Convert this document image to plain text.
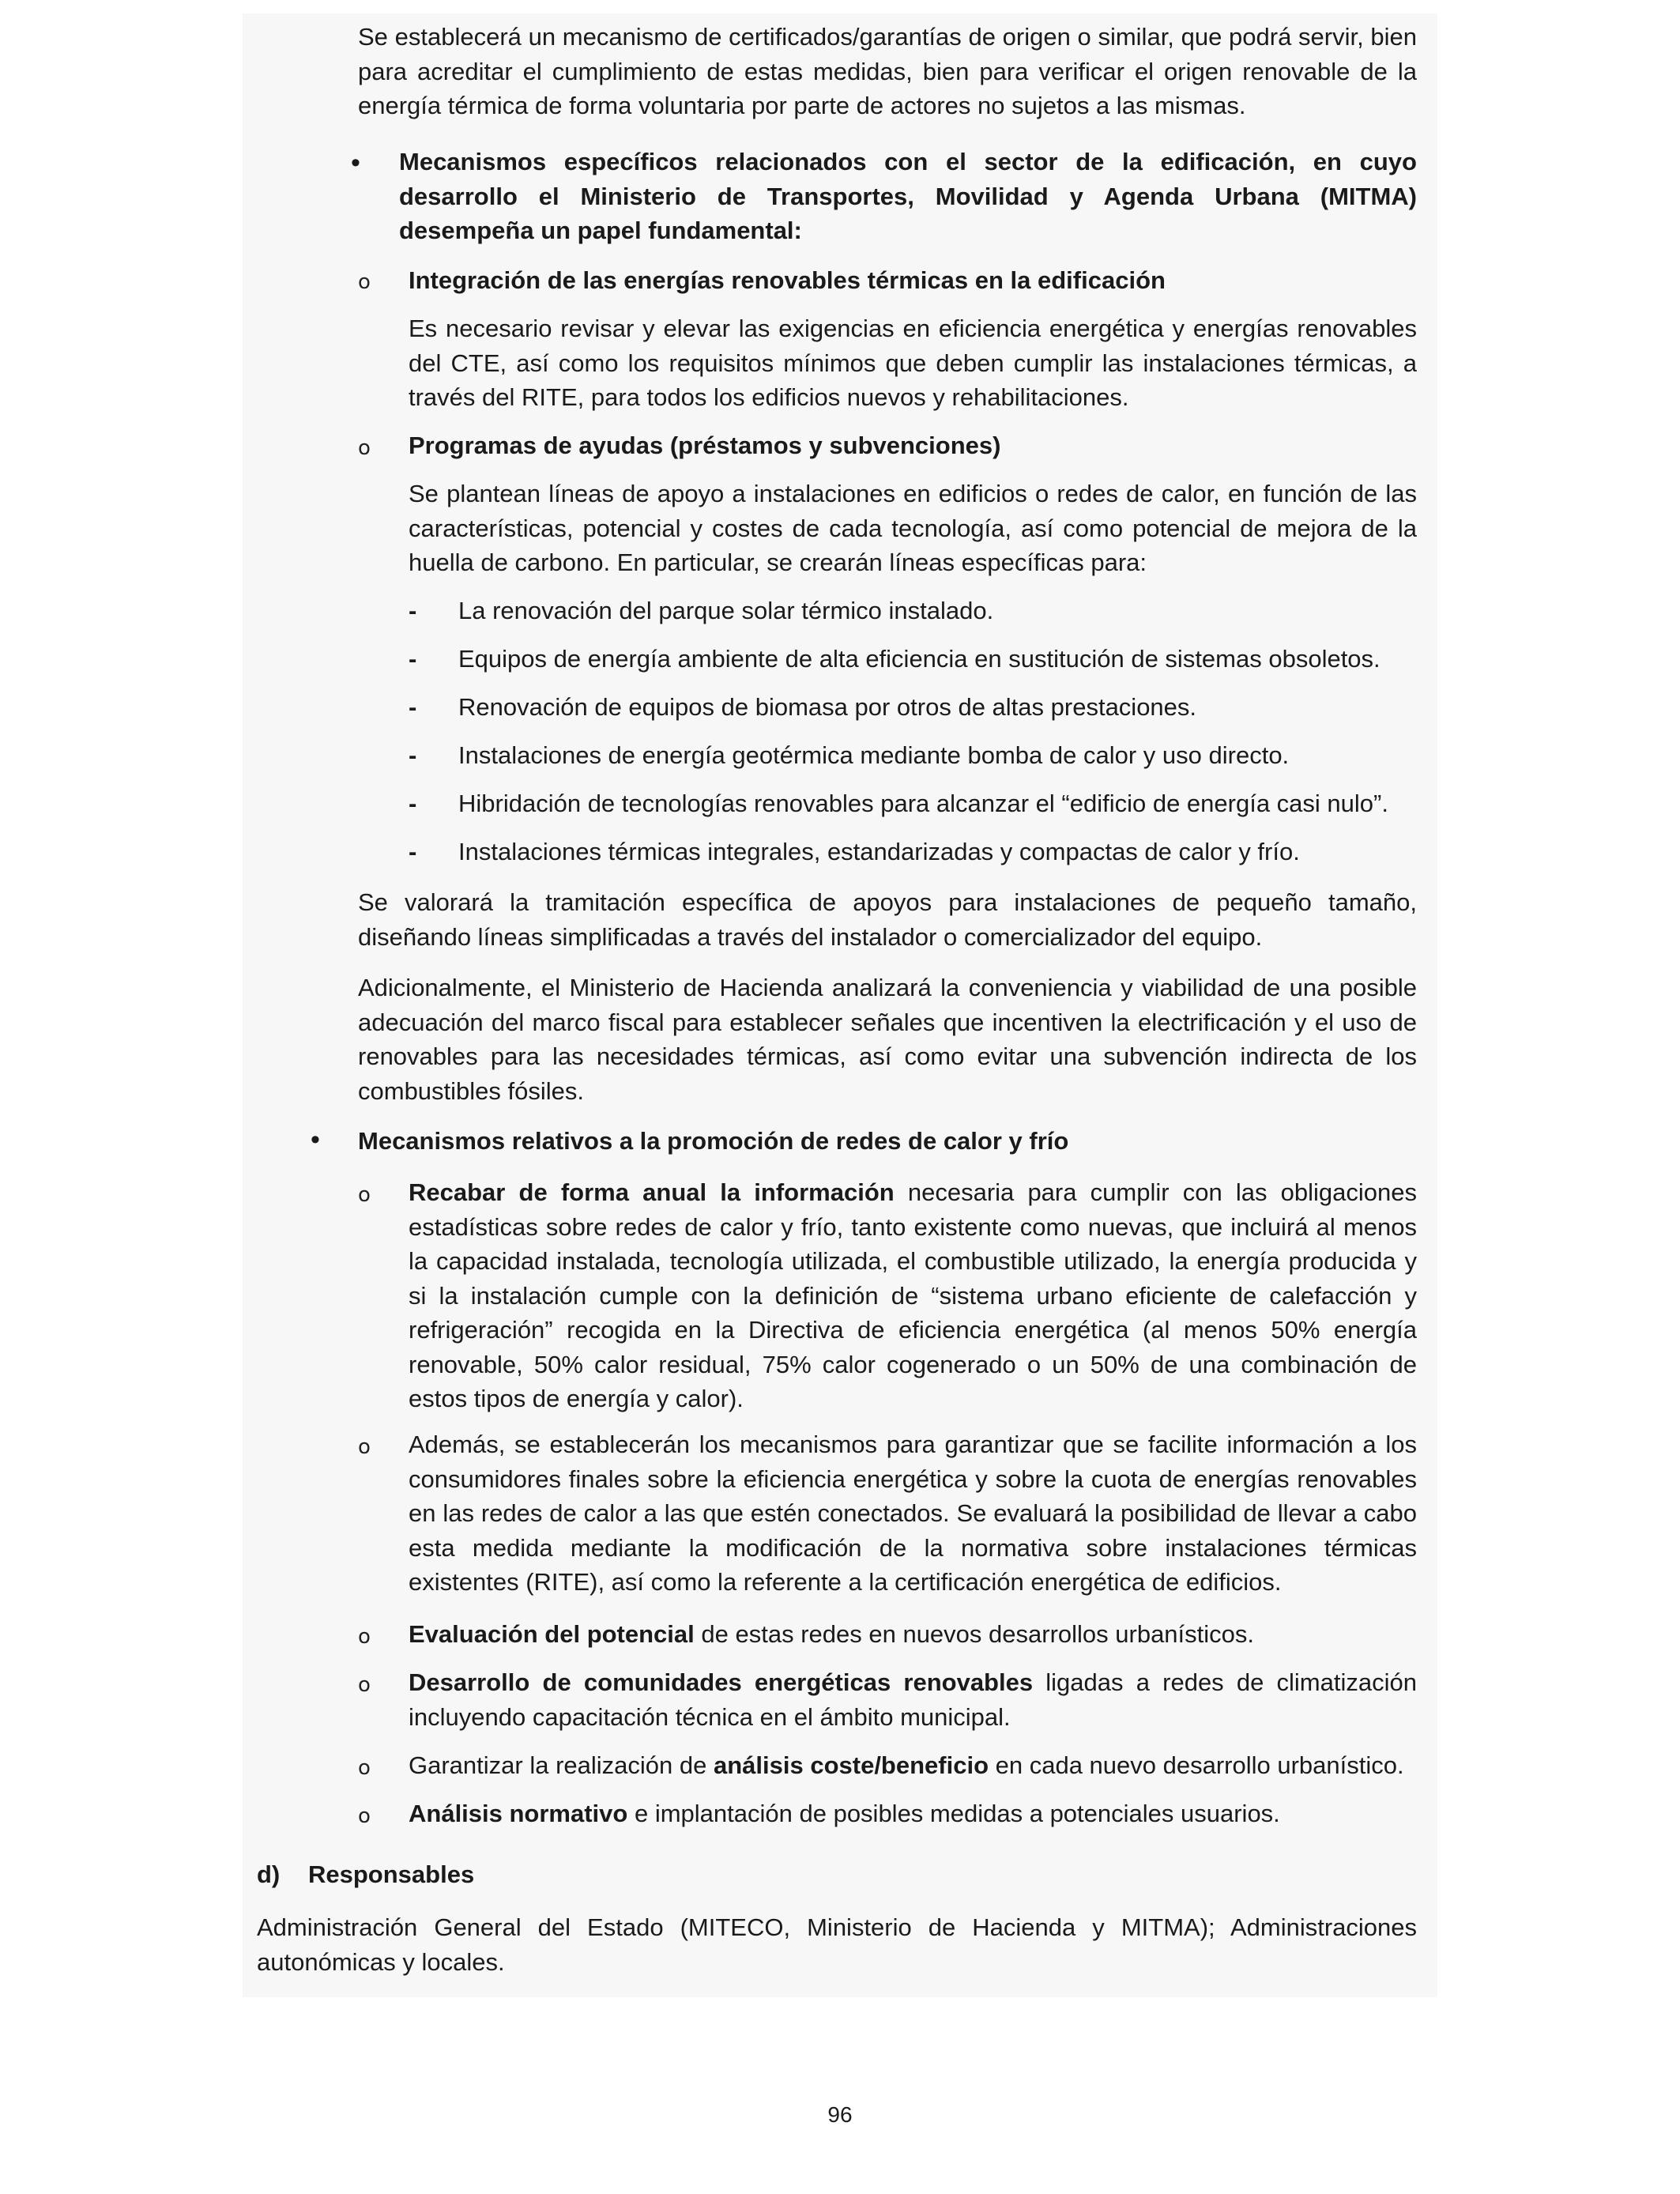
Se establecerá un mecanismo de certificados/garantías de origen o similar, que podrá servir, bien para acreditar el cumplimiento de estas medidas, bien para verificar el origen renovable de la energía térmica de forma voluntaria por parte de actores no sujetos a las mismas.
• Mecanismos específicos relacionados con el sector de la edificación, en cuyo desarrollo el Ministerio de Transportes, Movilidad y Agenda Urbana (MITMA) desempeña un papel fundamental:
o Integración de las energías renovables térmicas en la edificación
Es necesario revisar y elevar las exigencias en eficiencia energética y energías renovables del CTE, así como los requisitos mínimos que deben cumplir las instalaciones térmicas, a través del RITE, para todos los edificios nuevos y rehabilitaciones.
o Programas de ayudas (préstamos y subvenciones)
Se plantean líneas de apoyo a instalaciones en edificios o redes de calor, en función de las características, potencial y costes de cada tecnología, así como potencial de mejora de la huella de carbono. En particular, se crearán líneas específicas para:
- La renovación del parque solar térmico instalado.
- Equipos de energía ambiente de alta eficiencia en sustitución de sistemas obsoletos.
- Renovación de equipos de biomasa por otros de altas prestaciones.
- Instalaciones de energía geotérmica mediante bomba de calor y uso directo.
- Hibridación de tecnologías renovables para alcanzar el “edificio de energía casi nulo”.
- Instalaciones térmicas integrales, estandarizadas y compactas de calor y frío.
Se valorará la tramitación específica de apoyos para instalaciones de pequeño tamaño, diseñando líneas simplificadas a través del instalador o comercializador del equipo.
Adicionalmente, el Ministerio de Hacienda analizará la conveniencia y viabilidad de una posible adecuación del marco fiscal para establecer señales que incentiven la electrificación y el uso de renovables para las necesidades térmicas, así como evitar una subvención indirecta de los combustibles fósiles.
• Mecanismos relativos a la promoción de redes de calor y frío
o Recabar de forma anual la información necesaria para cumplir con las obligaciones estadísticas sobre redes de calor y frío, tanto existente como nuevas, que incluirá al menos la capacidad instalada, tecnología utilizada, el combustible utilizado, la energía producida y si la instalación cumple con la definición de “sistema urbano eficiente de calefacción y refrigeración” recogida en la Directiva de eficiencia energética (al menos 50% energía renovable, 50% calor residual, 75% calor cogenerado o un 50% de una combinación de estos tipos de energía y calor).
o Además, se establecerán los mecanismos para garantizar que se facilite información a los consumidores finales sobre la eficiencia energética y sobre la cuota de energías renovables en las redes de calor a las que estén conectados. Se evaluará la posibilidad de llevar a cabo esta medida mediante la modificación de la normativa sobre instalaciones térmicas existentes (RITE), así como la referente a la certificación energética de edificios.
o Evaluación del potencial de estas redes en nuevos desarrollos urbanísticos.
o Desarrollo de comunidades energéticas renovables ligadas a redes de climatización incluyendo capacitación técnica en el ámbito municipal.
o Garantizar la realización de análisis coste/beneficio en cada nuevo desarrollo urbanístico.
o Análisis normativo e implantación de posibles medidas a potenciales usuarios.
d)	Responsables
Administración General del Estado (MITECO, Ministerio de Hacienda y MITMA); Administraciones autonómicas y locales.
96
